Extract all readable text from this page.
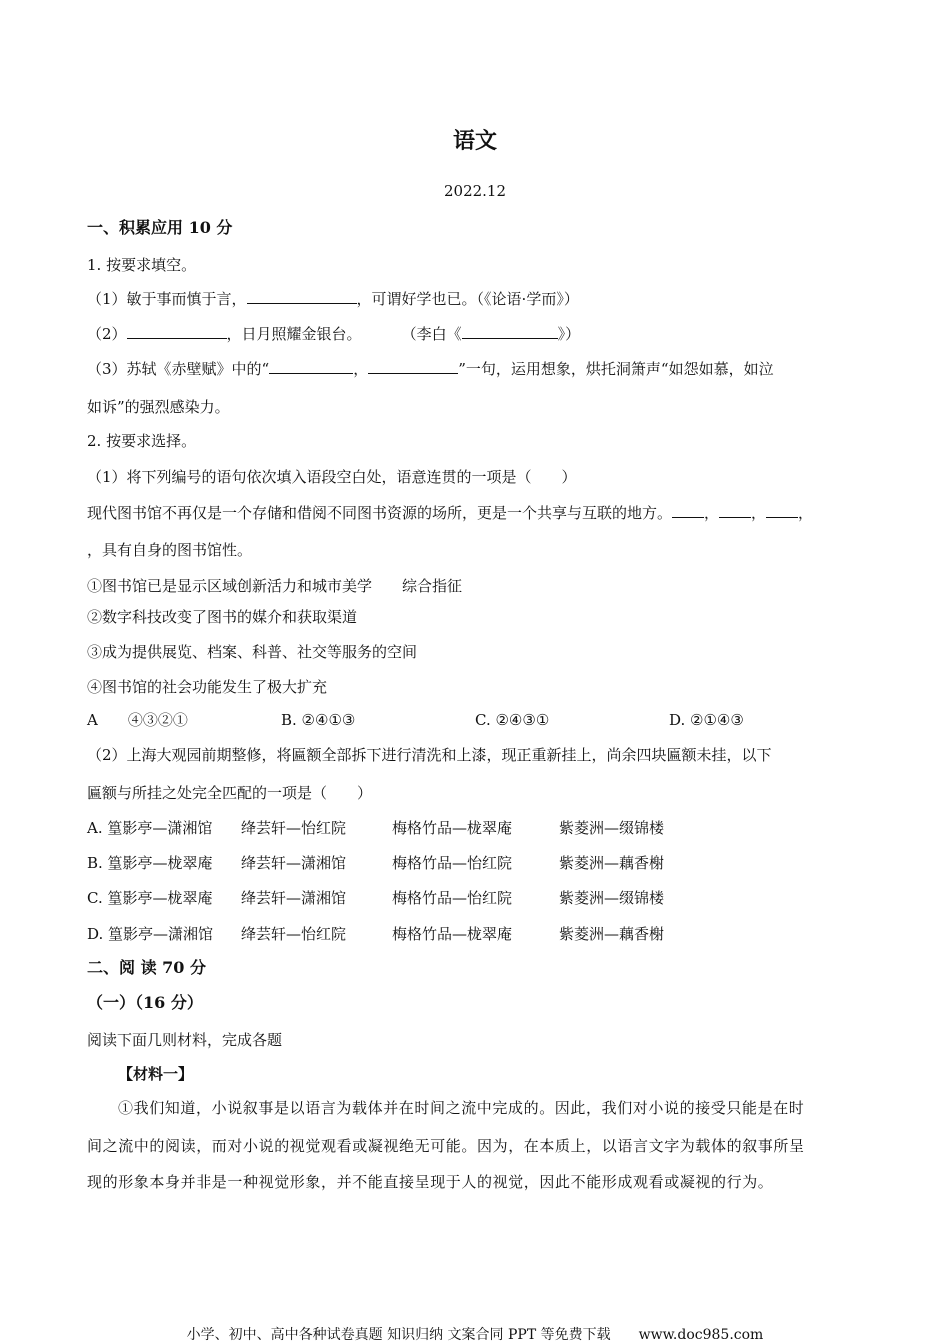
语文
2022.12
一、积累应用 10 分
1. 按要求填空。
（1）敏于事而慎于言，	，可谓好学也已。（《论语·学而》）
（2）	，日月照耀金银台。	（李白《	》）
（3）苏轼《赤壁赋》中的“	，	”一句，运用想象，烘托洞箫声“如怨如慕，如泣
如诉”的强烈感染力。
2. 按要求选择。
（1）将下列编号的语句依次填入语段空白处，语意连贯的一项是（　　）
现代图书馆不再仅是一个存储和借阅不同图书资源的场所，更是一个共享与互联的地方。 ， ， ，
，具有自身的图书馆性。
①图书馆已是显示区域创新活力和城市美学　　综合指征
②数字科技改变了图书的媒介和获取渠道
③成为提供展览、档案、科普、社交等服务的空间
④图书馆的社会功能发生了极大扩充
A　　④③②①	B. ②④①③	C. ②④③①	D. ②①④③
（2）上海大观园前期整修，将匾额全部拆下进行清洗和上漆，现正重新挂上，尚余四块匾额未挂，以下
匾额与所挂之处完全匹配的一项是（　　）
A. 篁影亭—潇湘馆 绛芸轩—怡红院	梅格竹品—栊翠庵	紫菱洲—缀锦楼
B. 篁影亭—栊翠庵 绛芸轩—潇湘馆	梅格竹品—怡红院	紫菱洲—藕香榭
C. 篁影亭—栊翠庵 绛芸轩—潇湘馆	梅格竹品—怡红院	紫菱洲—缀锦楼
D. 篁影亭—潇湘馆 绛芸轩—怡红院	梅格竹品—栊翠庵	紫菱洲—藕香榭
二、阅 读 70 分
（一）（16 分）
阅读下面几则材料，完成各题
【材料一】
①我们知道，小说叙事是以语言为载体并在时间之流中完成的。因此，我们对小说的接受只能是在时
间之流中的阅读，而对小说的视觉观看或凝视绝无可能。因为，在本质上，以语言文字为载体的叙事所呈
现的形象本身并非是一种视觉形象，并不能直接呈现于人的视觉，因此不能形成观看或凝视的行为。
小学、初中、高中各种试卷真题 知识归纳 文案合同 PPT 等免费下载　　www.doc985.com
